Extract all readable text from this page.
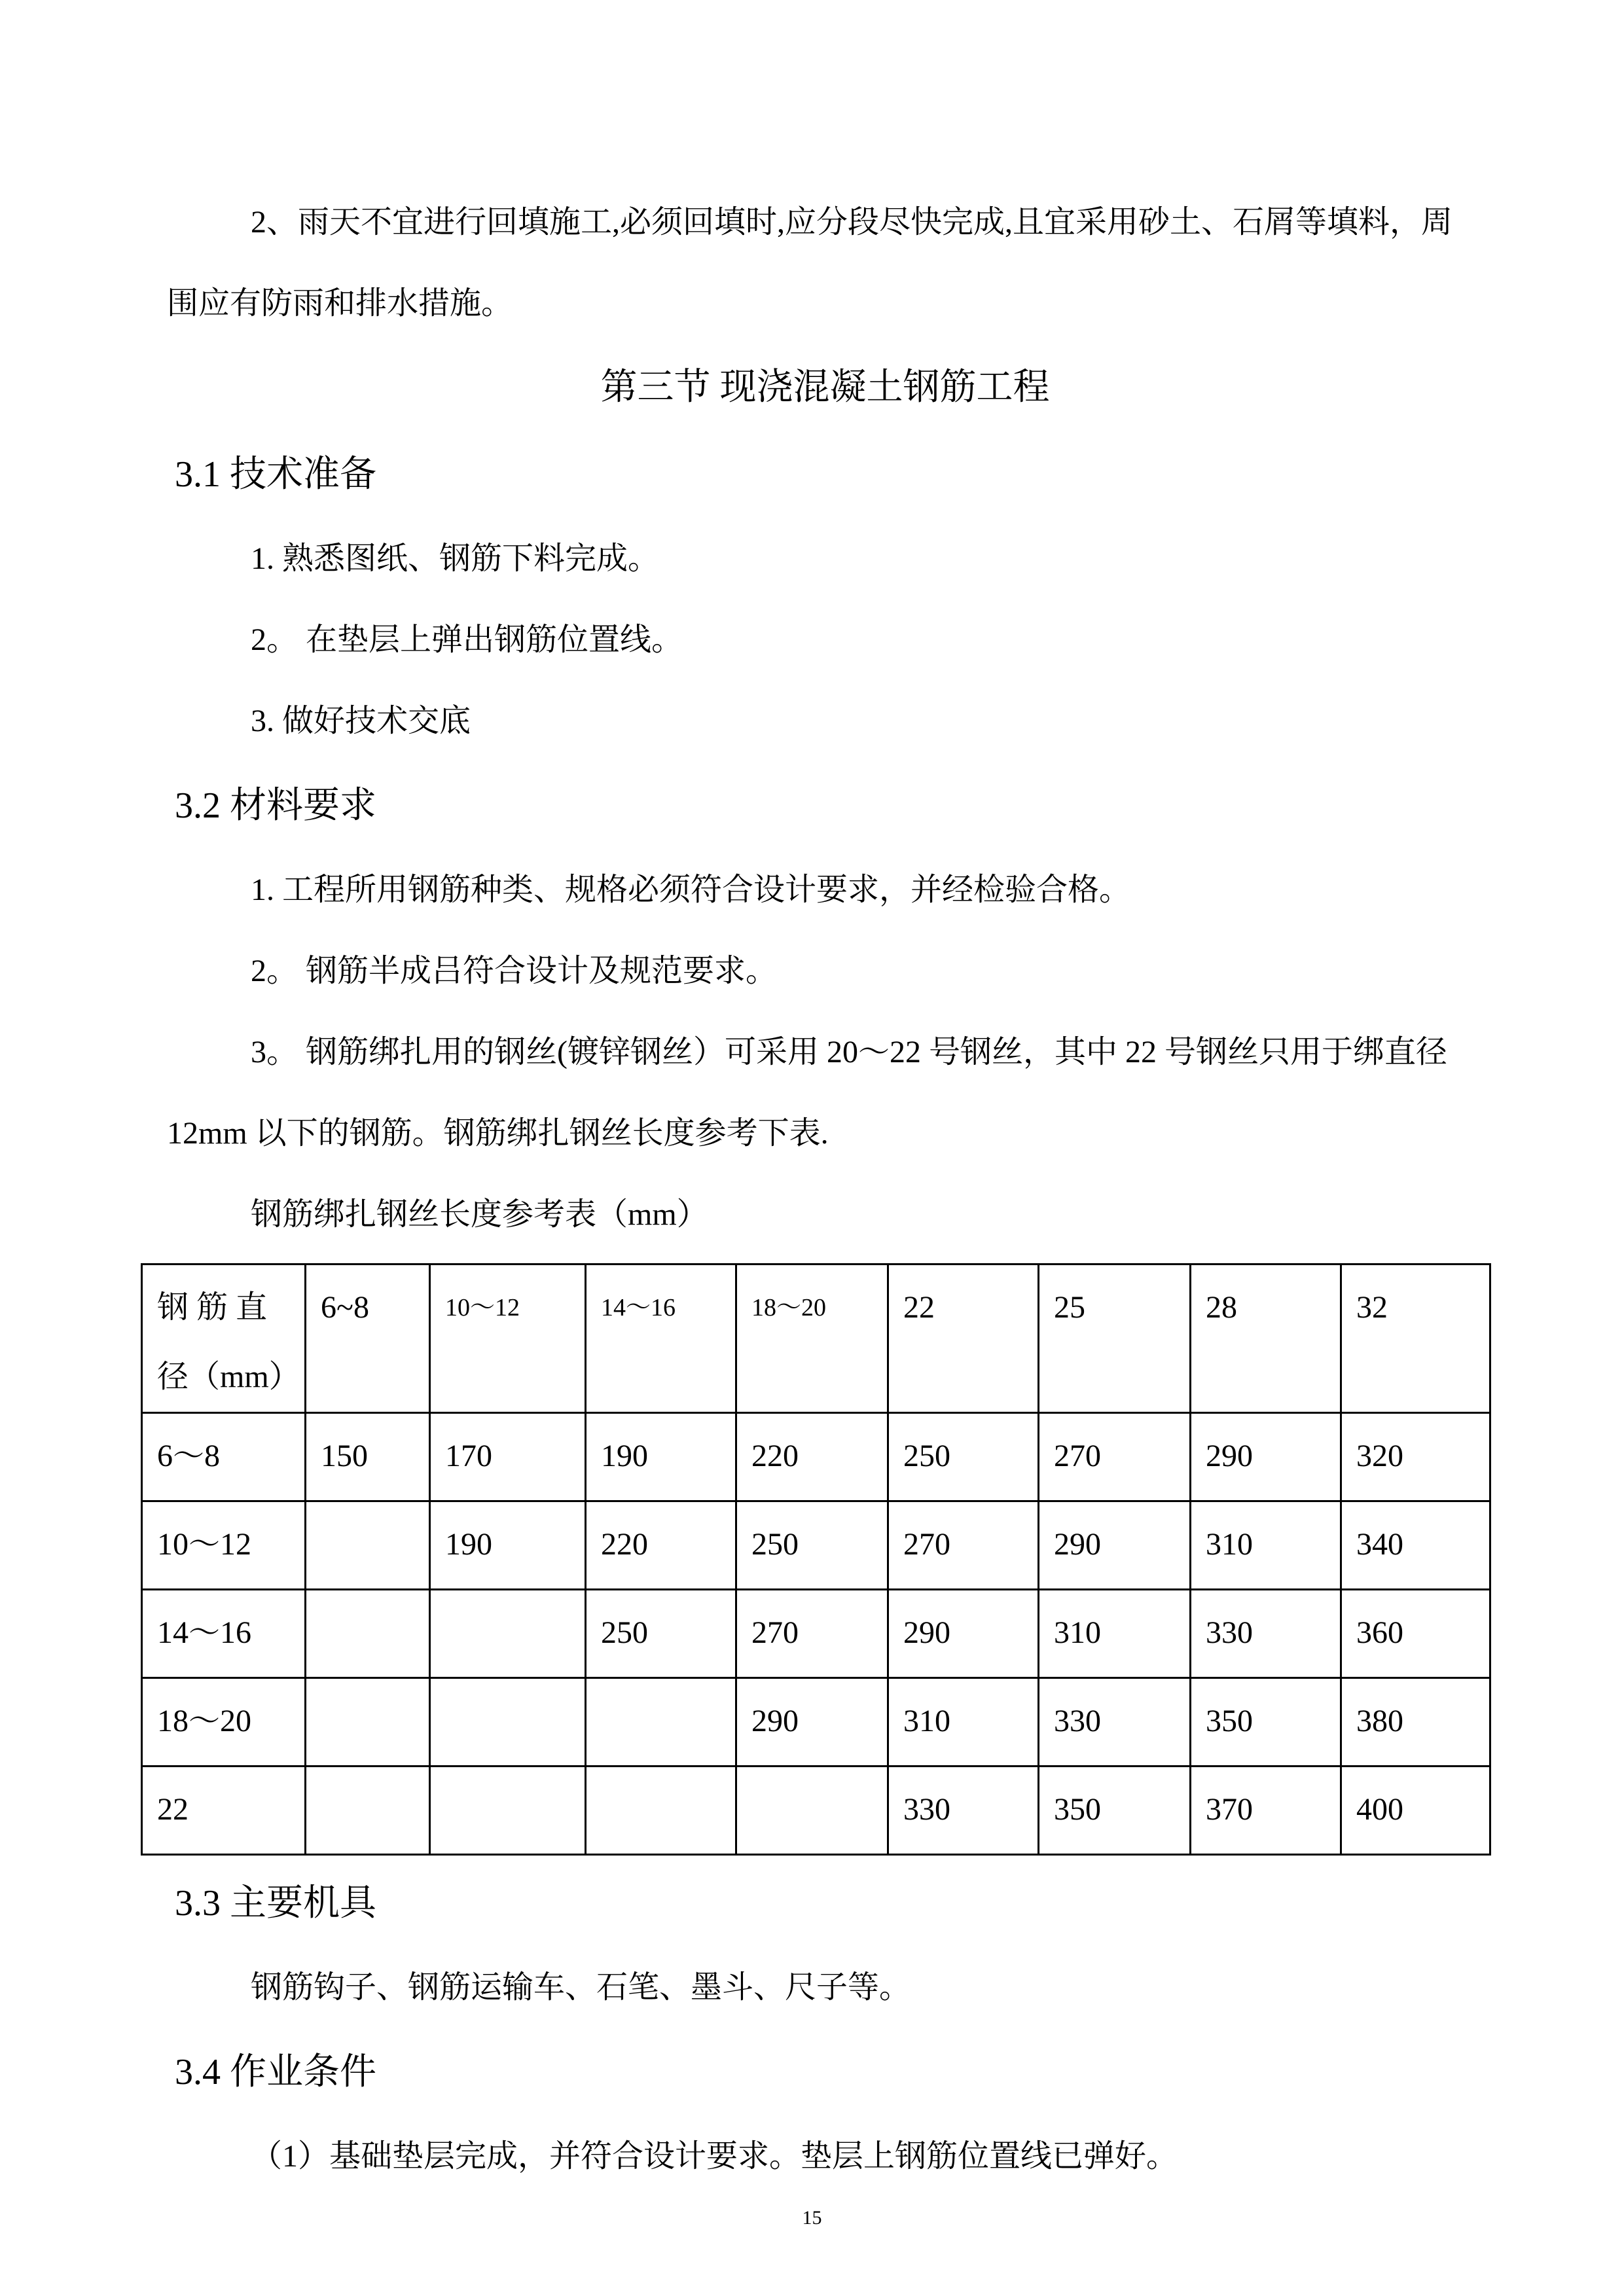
2、雨天不宜进行回填施工,必须回填时,应分段尽快完成,且宜采用砂土、石屑等填料，周围应有防雨和排水措施。

第三节 现浇混凝土钢筋工程

3.1 技术准备

1. 熟悉图纸、钢筋下料完成。

2。 在垫层上弹出钢筋位置线。

3. 做好技术交底

3.2 材料要求

1. 工程所用钢筋种类、规格必须符合设计要求，并经检验合格。

2。 钢筋半成吕符合设计及规范要求。

3。 钢筋绑扎用的钢丝(镀锌钢丝）可采用 20～22 号钢丝，其中 22 号钢丝只用于绑直径 12mm 以下的钢筋。钢筋绑扎钢丝长度参考下表.

钢筋绑扎钢丝长度参考表（mm）

钢 筋 直 径（mm）	6~8	10～12	14～16	18～20	22	25	28	32
6～8	150	170	190	220	250	270	290	320
10～12		190	220	250	270	290	310	340
14～16			250	270	290	310	330	360
18～20				290	310	330	350	380
22					330	350	370	400

3.3 主要机具

钢筋钩子、钢筋运输车、石笔、墨斗、尺子等。

3.4 作业条件

（1）基础垫层完成，并符合设计要求。垫层上钢筋位置线已弹好。

15
